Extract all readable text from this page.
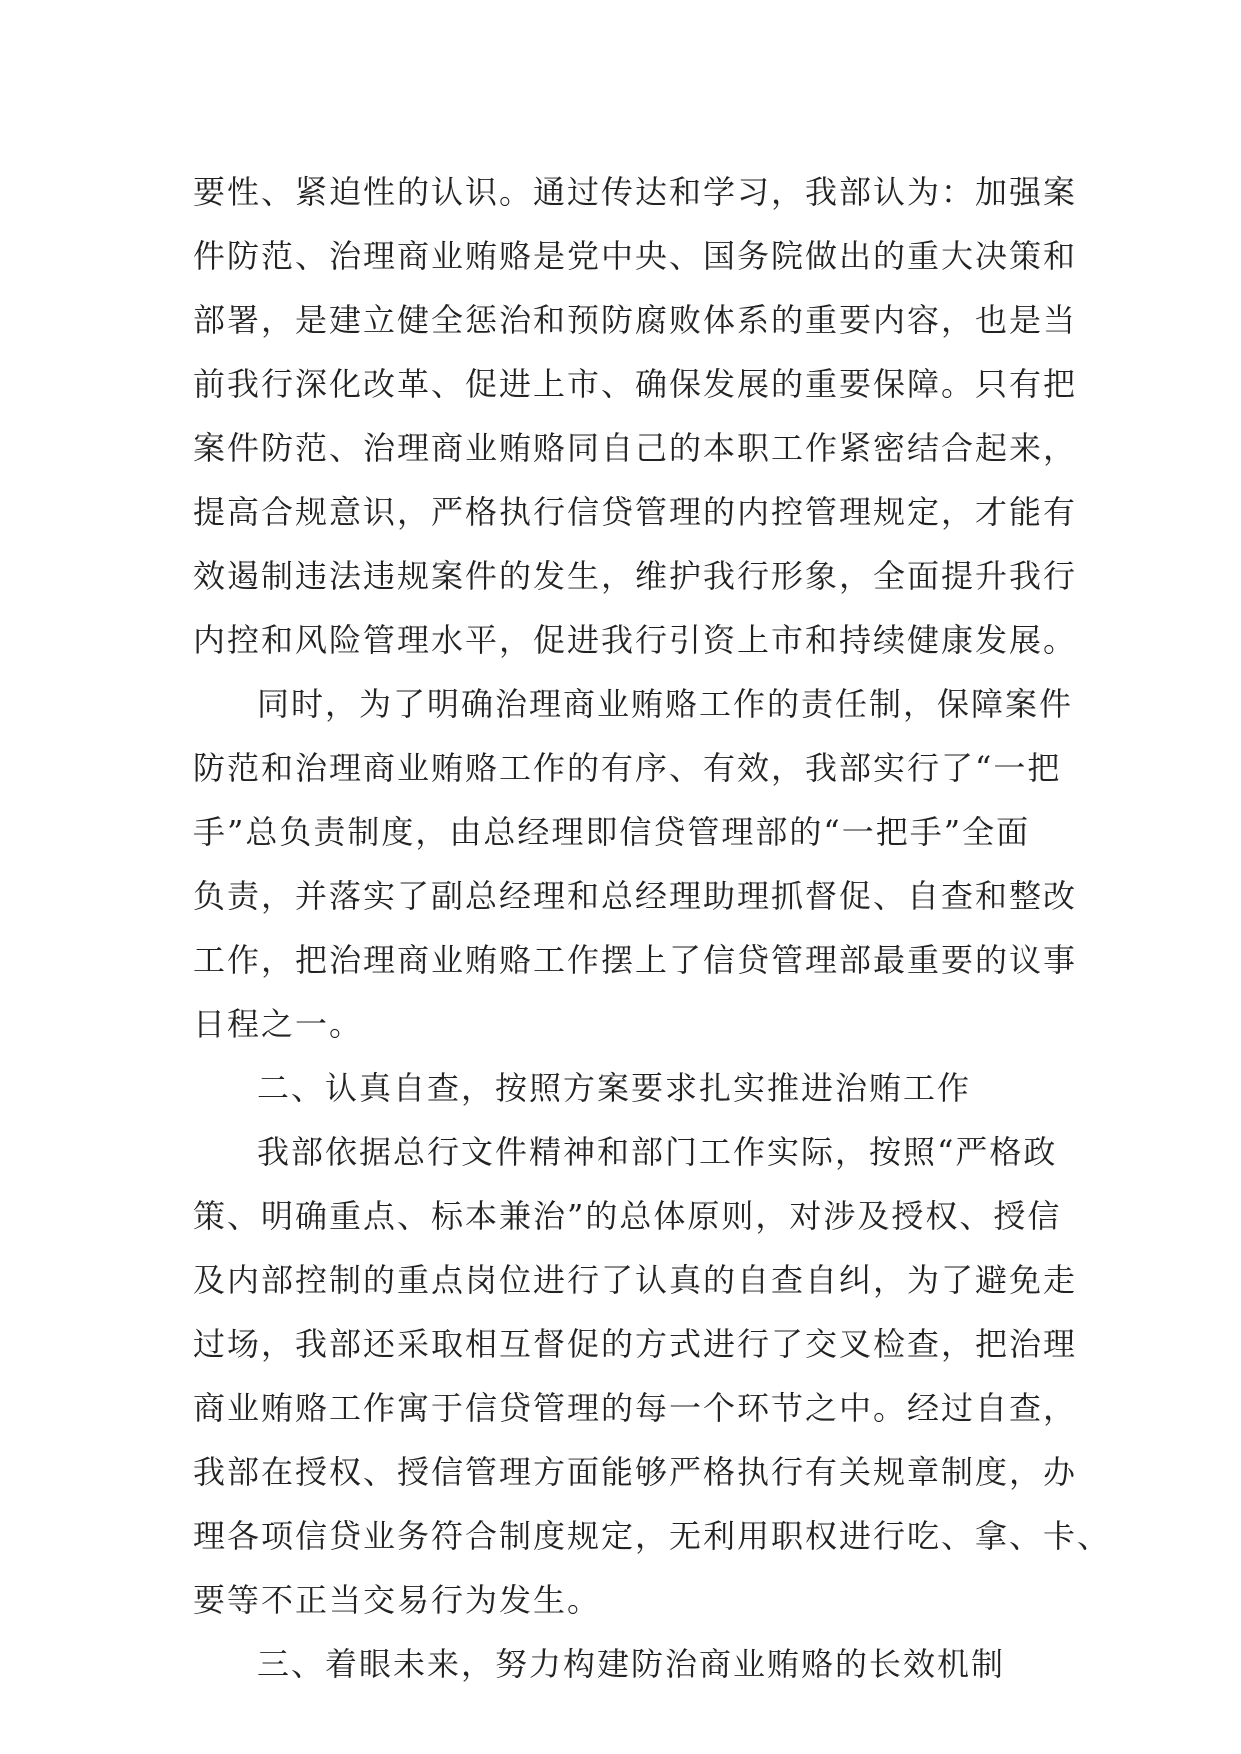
要性、紧迫性的认识。通过传达和学习，我部认为：加强案
件防范、治理商业贿赂是党中央、国务院做出的重大决策和
部署，是建立健全惩治和预防腐败体系的重要内容，也是当
前我行深化改革、促进上市、确保发展的重要保障。只有把
案件防范、治理商业贿赂同自己的本职工作紧密结合起来，
提高合规意识，严格执行信贷管理的内控管理规定，才能有
效遏制违法违规案件的发生，维护我行形象，全面提升我行
内控和风险管理水平，促进我行引资上市和持续健康发展。
同时，为了明确治理商业贿赂工作的责任制，保障案件
防范和治理商业贿赂工作的有序、有效，我部实行了“一把
手”总负责制度，由总经理即信贷管理部的“一把手”全面
负责，并落实了副总经理和总经理助理抓督促、自查和整改
工作，把治理商业贿赂工作摆上了信贷管理部最重要的议事
日程之一。
二、认真自查，按照方案要求扎实推进治贿工作
我部依据总行文件精神和部门工作实际，按照“严格政
策、明确重点、标本兼治”的总体原则，对涉及授权、授信
及内部控制的重点岗位进行了认真的自查自纠，为了避免走
过场，我部还采取相互督促的方式进行了交叉检查，把治理
商业贿赂工作寓于信贷管理的每一个环节之中。经过自查，
我部在授权、授信管理方面能够严格执行有关规章制度，办
理各项信贷业务符合制度规定，无利用职权进行吃、拿、卡、
要等不正当交易行为发生。
三、着眼未来，努力构建防治商业贿赂的长效机制
